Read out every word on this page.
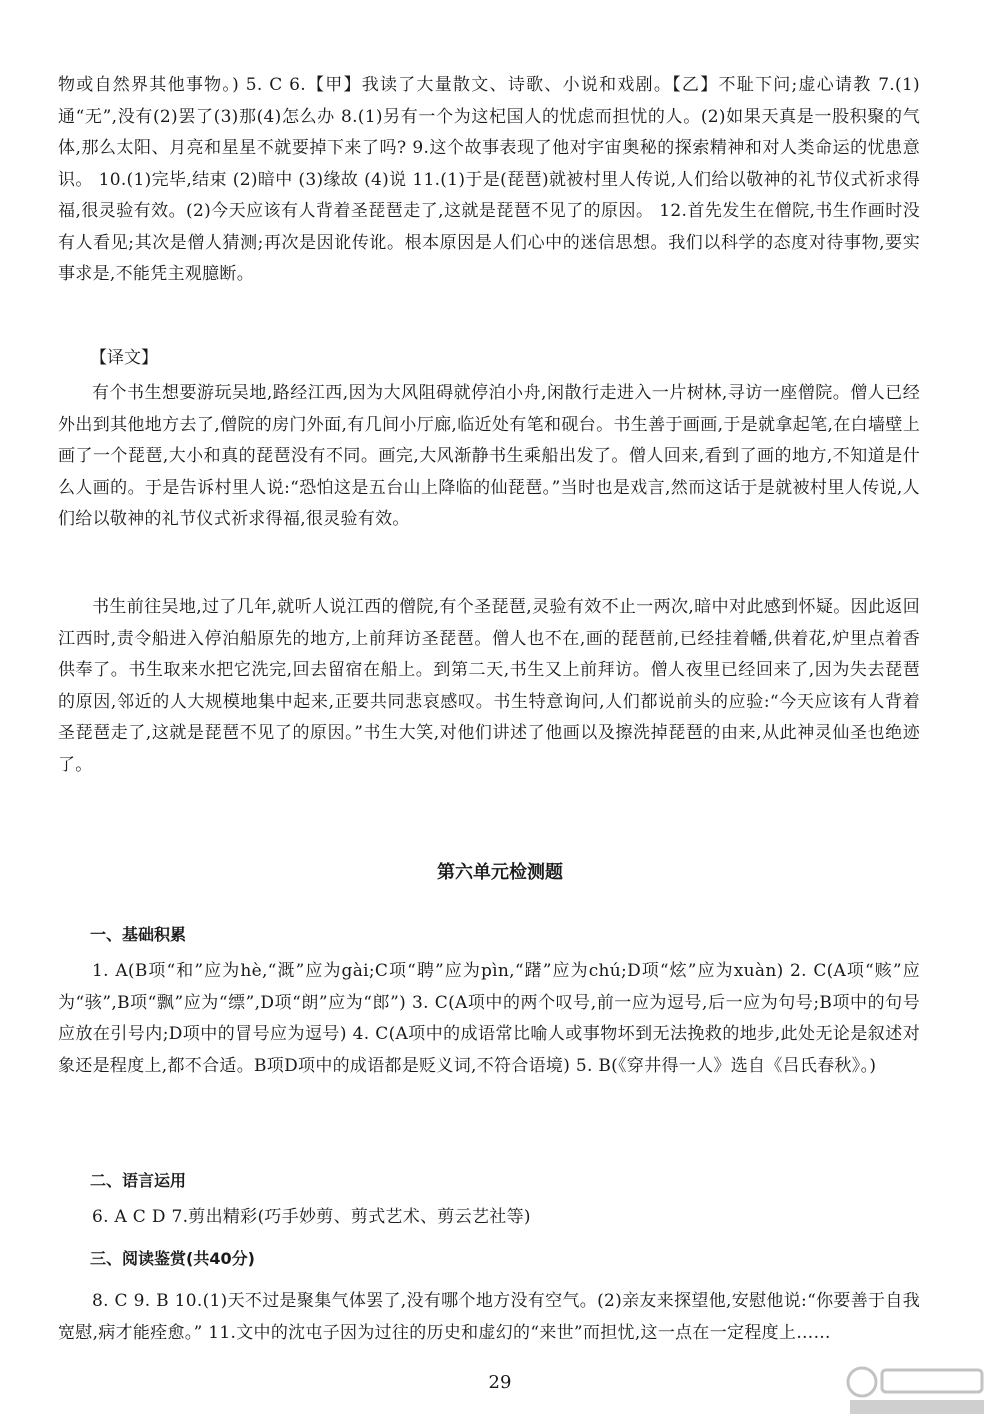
物或自然界其他事物。) 5. C 6.【甲】我读了大量散文、诗歌、小说和戏剧。【乙】不耻下问;虚心请教 7.(1)通“无”,没有(2)罢了(3)那(4)怎么办 8.(1)另有一个为这杞国人的忧虑而担忧的人。(2)如果天真是一股积聚的气体,那么太阳、月亮和星星不就要掉下来了吗? 9.这个故事表现了他对宇宙奥秘的探索精神和对人类命运的忧患意识。 10.(1)完毕,结束 (2)暗中 (3)缘故 (4)说 11.(1)于是(琵琶)就被村里人传说,人们给以敬神的礼节仪式祈求得福,很灵验有效。(2)今天应该有人背着圣琵琶走了,这就是琵琶不见了的原因。 12.首先发生在僧院,书生作画时没有人看见;其次是僧人猜测;再次是因讹传讹。根本原因是人们心中的迷信思想。我们以科学的态度对待事物,要实事求是,不能凭主观臆断。

【译文】

有个书生想要游玩吴地,路经江西,因为大风阻碍就停泊小舟,闲散行走进入一片树林,寻访一座僧院。僧人已经外出到其他地方去了,僧院的房门外面,有几间小厅廊,临近处有笔和砚台。书生善于画画,于是就拿起笔,在白墙壁上画了一个琵琶,大小和真的琵琶没有不同。画完,大风渐静书生乘船出发了。僧人回来,看到了画的地方,不知道是什么人画的。于是告诉村里人说:“恐怕这是五台山上降临的仙琵琶。”当时也是戏言,然而这话于是就被村里人传说,人们给以敬神的礼节仪式祈求得福,很灵验有效。

书生前往吴地,过了几年,就听人说江西的僧院,有个圣琵琶,灵验有效不止一两次,暗中对此感到怀疑。因此返回江西时,责令船进入停泊船原先的地方,上前拜访圣琵琶。僧人也不在,画的琵琶前,已经挂着幡,供着花,炉里点着香供奉了。书生取来水把它洗完,回去留宿在船上。到第二天,书生又上前拜访。僧人夜里已经回来了,因为失去琵琶的原因,邻近的人大规模地集中起来,正要共同悲哀感叹。书生特意询问,人们都说前头的应验:“今天应该有人背着圣琵琶走了,这就是琵琶不见了的原因。”书生大笑,对他们讲述了他画以及擦洗掉琵琶的由来,从此神灵仙圣也绝迹了。

第六单元检测题

一、基础积累

1. A(B项“和”应为hè,“溉”应为gài;C项“聘”应为pìn,“躇”应为chú;D项“炫”应为xuàn) 2. C(A项“赅”应为“骇”,B项“飘”应为“缥”,D项“朗”应为“郎”) 3. C(A项中的两个叹号,前一应为逗号,后一应为句号;B项中的句号应放在引号内;D项中的冒号应为逗号) 4. C(A项中的成语常比喻人或事物坏到无法挽救的地步,此处无论是叙述对象还是程度上,都不合适。B项D项中的成语都是贬义词,不符合语境) 5. B(《穿井得一人》选自《吕氏春秋》。)

二、语言运用

6. A C D 7.剪出精彩(巧手妙剪、剪式艺术、剪云艺社等)

三、阅读鉴赏(共40分)

8. C 9. B 10.(1)天不过是聚集气体罢了,没有哪个地方没有空气。(2)亲友来探望他,安慰他说:“你要善于自我宽慰,病才能痊愈。” 11.文中的沈屯子因为过往的历史和虚幻的“来世”而担忧,这一点在一定程度上……

29
